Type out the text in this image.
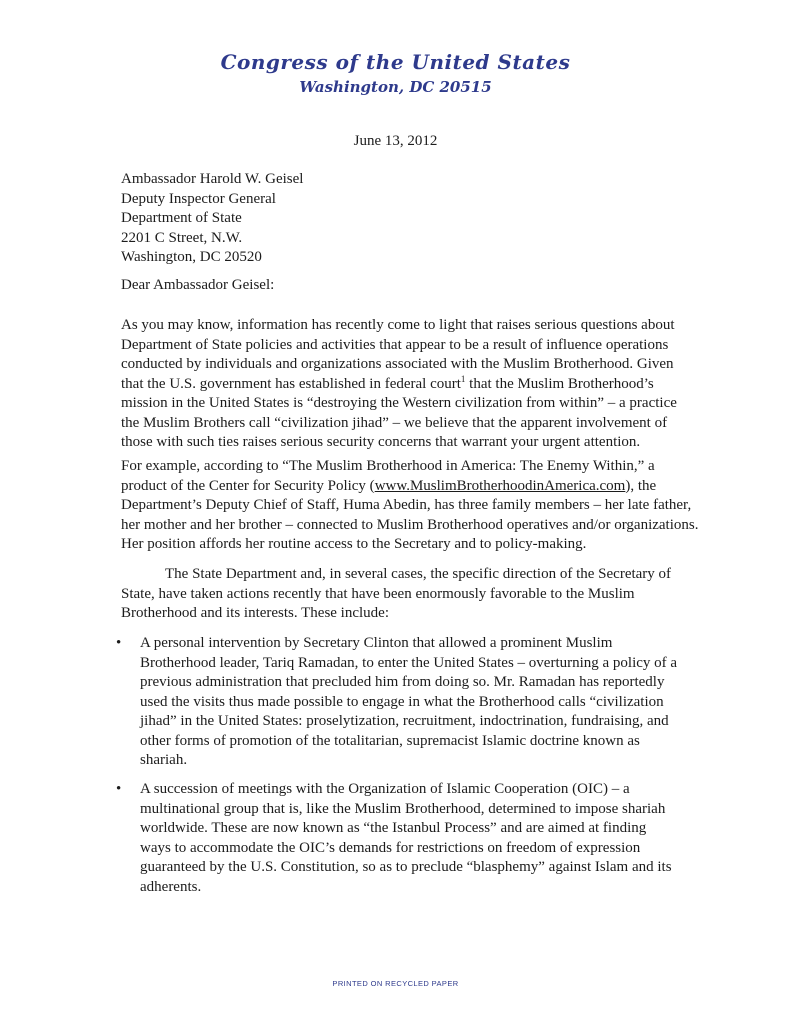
Congress of the United States
Washington, DC 20515
June 13, 2012
Ambassador Harold W. Geisel
Deputy Inspector General
Department of State
2201 C Street, N.W.
Washington, DC 20520
Dear Ambassador Geisel:
As you may know, information has recently come to light that raises serious questions about
Department of State policies and activities that appear to be a result of influence operations
conducted by individuals and organizations associated with the Muslim Brotherhood. Given
that the U.S. government has established in federal court$^1$ that the Muslim Brotherhood’s
mission in the United States is “destroying the Western civilization from within” – a practice
the Muslim Brothers call “civilization jihad” – we believe that the apparent involvement of
those with such ties raises serious security concerns that warrant your urgent attention.
For example, according to “The Muslim Brotherhood in America: The Enemy Within,” a
product of the Center for Security Policy (www.MuslimBrotherhoodinAmerica.com), the
Department’s Deputy Chief of Staff, Huma Abedin, has three family members – her late father,
her mother and her brother – connected to Muslim Brotherhood operatives and/or organizations.
Her position affords her routine access to the Secretary and to policy-making.
The State Department and, in several cases, the specific direction of the Secretary of
State, have taken actions recently that have been enormously favorable to the Muslim
Brotherhood and its interests. These include:
• A personal intervention by Secretary Clinton that allowed a prominent Muslim
Brotherhood leader, Tariq Ramadan, to enter the United States – overturning a policy of a
previous administration that precluded him from doing so. Mr. Ramadan has reportedly
used the visits thus made possible to engage in what the Brotherhood calls “civilization
jihad” in the United States: proselytization, recruitment, indoctrination, fundraising, and
other forms of promotion of the totalitarian, supremacist Islamic doctrine known as
shariah.
• A succession of meetings with the Organization of Islamic Cooperation (OIC) – a
multinational group that is, like the Muslim Brotherhood, determined to impose shariah
worldwide. These are now known as “the Istanbul Process” and are aimed at finding
ways to accommodate the OIC’s demands for restrictions on freedom of expression
guaranteed by the U.S. Constitution, so as to preclude “blasphemy” against Islam and its
adherents.
PRINTED ON RECYCLED PAPER
